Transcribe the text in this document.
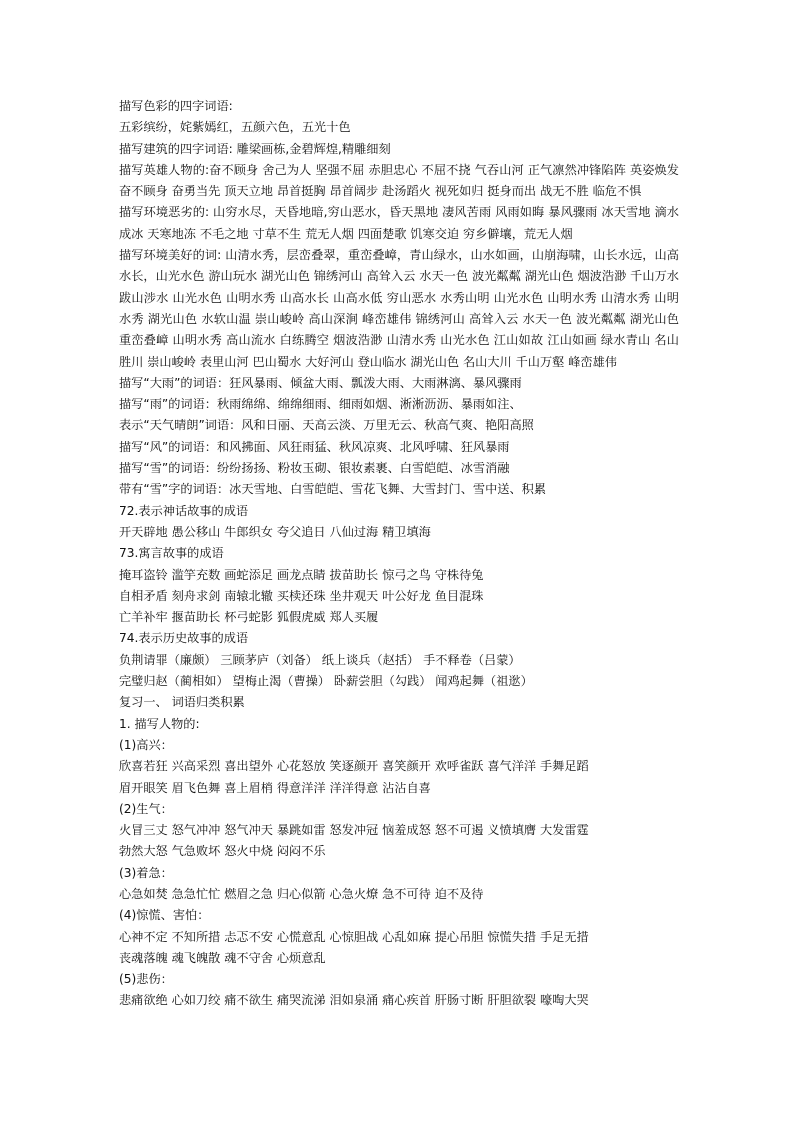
描写色彩的四字词语:

五彩缤纷，姹紫嫣红，五颜六色，五光十色

描写建筑的四字词语: 雕梁画栋,金碧辉煌,精雕细刻

描写英雄人物的:奋不顾身 舍己为人 坚强不屈 赤胆忠心 不屈不挠 气吞山河 正气凛然冲锋陷阵 英姿焕发 奋不顾身 奋勇当先 顶天立地 昂首挺胸 昂首阔步 赴汤蹈火 视死如归 挺身而出 战无不胜 临危不惧

描写环境恶劣的: 山穷水尽，天昏地暗,穷山恶水，昏天黑地 凄风苦雨 风雨如晦 暴风骤雨 冰天雪地 滴水成冰 天寒地冻 不毛之地 寸草不生 荒无人烟 四面楚歌 饥寒交迫 穷乡僻壤，荒无人烟

描写环境美好的词: 山清水秀，层峦叠翠，重峦叠嶂，青山绿水，山水如画，山崩海啸，山长水远，山高水长，山光水色 游山玩水 湖光山色 锦绣河山 高耸入云 水天一色 波光粼粼 湖光山色 烟波浩渺 千山万水 跋山涉水 山光水色 山明水秀 山高水长 山高水低 穷山恶水 水秀山明 山光水色 山明水秀 山清水秀 山明水秀 湖光山色 水软山温 崇山峻岭 高山深涧 峰峦雄伟 锦绣河山 高耸入云 水天一色 波光粼粼 湖光山色 重峦叠嶂 山明水秀 高山流水 白练腾空 烟波浩渺 山清水秀 山光水色 江山如故 江山如画 绿水青山 名山胜川 崇山峻岭 表里山河 巴山蜀水 大好河山 登山临水 湖光山色 名山大川 千山万壑 峰峦雄伟

描写“大雨”的词语：狂风暴雨、倾盆大雨、瓢泼大雨、大雨淋漓、暴风骤雨

描写“雨”的词语：秋雨绵绵、绵绵细雨、细雨如烟、淅淅沥沥、暴雨如注、

表示“天气晴朗”词语：风和日丽、天高云淡、万里无云、秋高气爽、艳阳高照

描写“风”的词语：和风拂面、风狂雨猛、秋风凉爽、北风呼啸、狂风暴雨

描写“雪”的词语：纷纷扬扬、粉妆玉砌、银妆素裹、白雪皑皑、冰雪消融

带有“雪”字的词语：冰天雪地、白雪皑皑、雪花飞舞、大雪封门、雪中送、积累

72.表示神话故事的成语

开天辟地 愚公移山 牛郎织女 夸父追日 八仙过海 精卫填海

73.寓言故事的成语

掩耳盗铃 滥竽充数 画蛇添足 画龙点睛 拔苗助长 惊弓之鸟 守株待兔

自相矛盾 刻舟求剑 南辕北辙 买椟还珠 坐井观天 叶公好龙 鱼目混珠

亡羊补牢 揠苗助长 杯弓蛇影 狐假虎威 郑人买履

74.表示历史故事的成语

负荆请罪（廉颇） 三顾茅庐（刘备） 纸上谈兵（赵括） 手不释卷（吕蒙）

完璧归赵（蔺相如） 望梅止渴（曹操） 卧薪尝胆（勾践） 闻鸡起舞（祖逖）

复习一、 词语归类积累

1. 描写人物的:

(1)高兴：

欣喜若狂 兴高采烈 喜出望外 心花怒放 笑逐颜开 喜笑颜开 欢呼雀跃 喜气洋洋 手舞足蹈

眉开眼笑 眉飞色舞 喜上眉梢 得意洋洋 洋洋得意 沾沾自喜

(2)生气：

火冒三丈 怒气冲冲 怒气冲天 暴跳如雷 怒发冲冠 恼羞成怒 怒不可遏 义愤填膺 大发雷霆

勃然大怒 气急败坏 怒火中烧 闷闷不乐

(3)着急：

心急如焚 急急忙忙 燃眉之急 归心似箭 心急火燎 急不可待 迫不及待

(4)惊慌、害怕：

心神不定 不知所措 忐忑不安 心慌意乱 心惊胆战 心乱如麻 提心吊胆 惊慌失措 手足无措

丧魂落魄 魂飞魄散 魂不守舍 心烦意乱

(5)悲伤：

悲痛欲绝 心如刀绞 痛不欲生 痛哭流涕 泪如泉涌 痛心疾首 肝肠寸断 肝胆欲裂 嚎啕大哭
